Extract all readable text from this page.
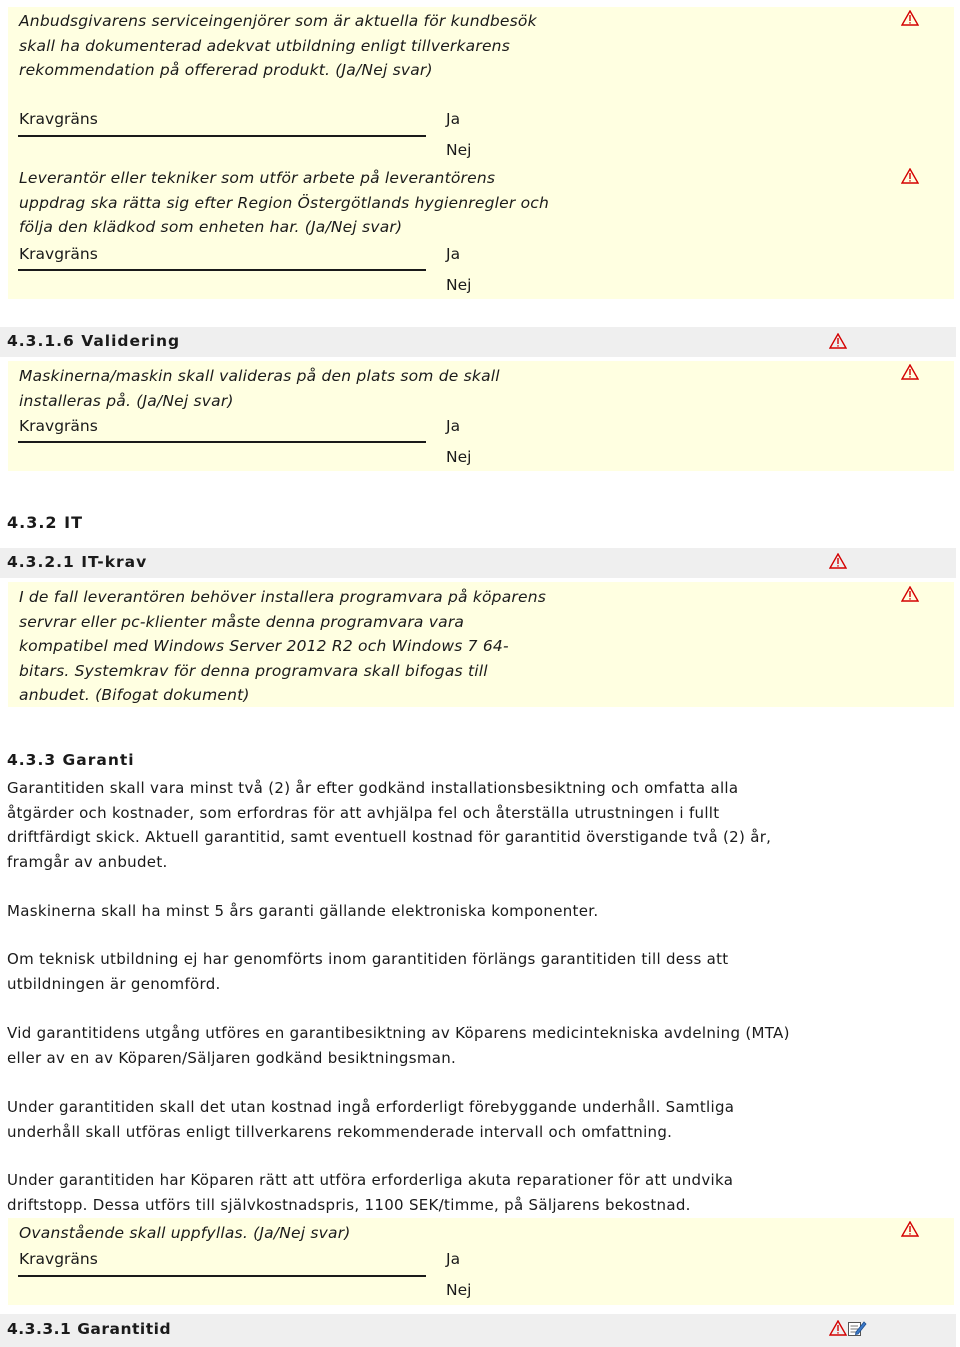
Anbudsgivarens serviceingenjörer som är aktuella för kundbesök skall ha dokumenterad adekvat utbildning enligt tillverkarens rekommendation på offererad produkt. (Ja/Nej svar)
Kravgräns	Ja
Nej
Leverantör eller tekniker som utför arbete på leverantörens uppdrag ska rätta sig efter Region Östergötlands hygienregler och följa den klädkod som enheten har. (Ja/Nej svar)
Kravgräns	Ja
Nej
4.3.1.6 Validering
Maskinerna/maskin skall valideras på den plats som de skall installeras på. (Ja/Nej svar)
Kravgräns	Ja
Nej
4.3.2 IT
4.3.2.1 IT-krav
I de fall leverantören behöver installera programvara på köparens servrar eller pc-klienter måste denna programvara vara kompatibel med Windows Server 2012 R2 och Windows 7 64-bitars. Systemkrav för denna programvara skall bifogas till anbudet. (Bifogat dokument)
4.3.3 Garanti
Garantitiden skall vara minst två (2) år efter godkänd installationsbesiktning och omfatta alla åtgärder och kostnader, som erfordras för att avhjälpa fel och återställa utrustningen i fullt driftfärdigt skick. Aktuell garantitid, samt eventuell kostnad för garantitid överstigande två (2) år, framgår av anbudet.
Maskinerna skall ha minst 5 års garanti gällande elektroniska komponenter.
Om teknisk utbildning ej har genomförts inom garantitiden förlängs garantitiden till dess att utbildningen är genomförd.
Vid garantitidens utgång utföres en garantibesiktning av Köparens medicintekniska avdelning (MTA) eller av en av Köparen/Säljaren godkänd besiktningsman.
Under garantitiden skall det utan kostnad ingå erforderligt förebyggande underhåll. Samtliga underhåll skall utföras enligt tillverkarens rekommenderade intervall och omfattning.
Under garantitiden har Köparen rätt att utföra erforderliga akuta reparationer för att undvika driftstopp. Dessa utförs till självkostnadspris, 1100 SEK/timme, på Säljarens bekostnad.
Ovanstående skall uppfyllas. (Ja/Nej svar)
Kravgräns	Ja
Nej
4.3.3.1 Garantitid
